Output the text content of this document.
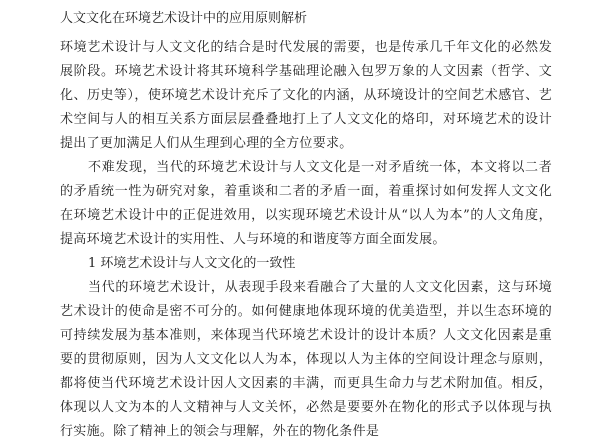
人文文化在环境艺术设计中的应用原则解析

环境艺术设计与人文文化的结合是时代发展的需要，也是传承几千年文化的必然发展阶段。环境艺术设计将其环境科学基础理论融入包罗万象的人文因素（哲学、文化、历史等），使环境艺术设计充斥了文化的内涵，从环境设计的空间艺术感官、艺术空间与人的相互关系方面层层叠叠地打上了人文文化的烙印，对环境艺术的设计提出了更加满足人们从生理到心理的全方位要求。

不难发现，当代的环境艺术设计与人文文化是一对矛盾统一体，本文将以二者的矛盾统一性为研究对象，着重谈和二者的矛盾一面，着重探讨如何发挥人文文化在环境艺术设计中的正促进效用，以实现环境艺术设计从“以人为本”的人文角度，提高环境艺术设计的实用性、人与环境的和谐度等方面全面发展。

1 环境艺术设计与人文文化的一致性

当代的环境艺术设计，从表现手段来看融合了大量的人文文化因素，这与环境艺术设计的使命是密不可分的。如何健康地体现环境的优美造型，并以生态环境的可持续发展为基本准则，来体现当代环境艺术设计的设计本质？人文文化因素是重要的贯彻原则，因为人文文化以人为本，体现以人为主体的空间设计理念与原则，都将使当代环境艺术设计因人文因素的丰满，而更具生命力与艺术附加值。相反，体现以人文为本的人文精神与人文关怀，必然是要要外在物化的形式予以体现与执行实施。除了精神上的领会与理解，外在的物化条件是
